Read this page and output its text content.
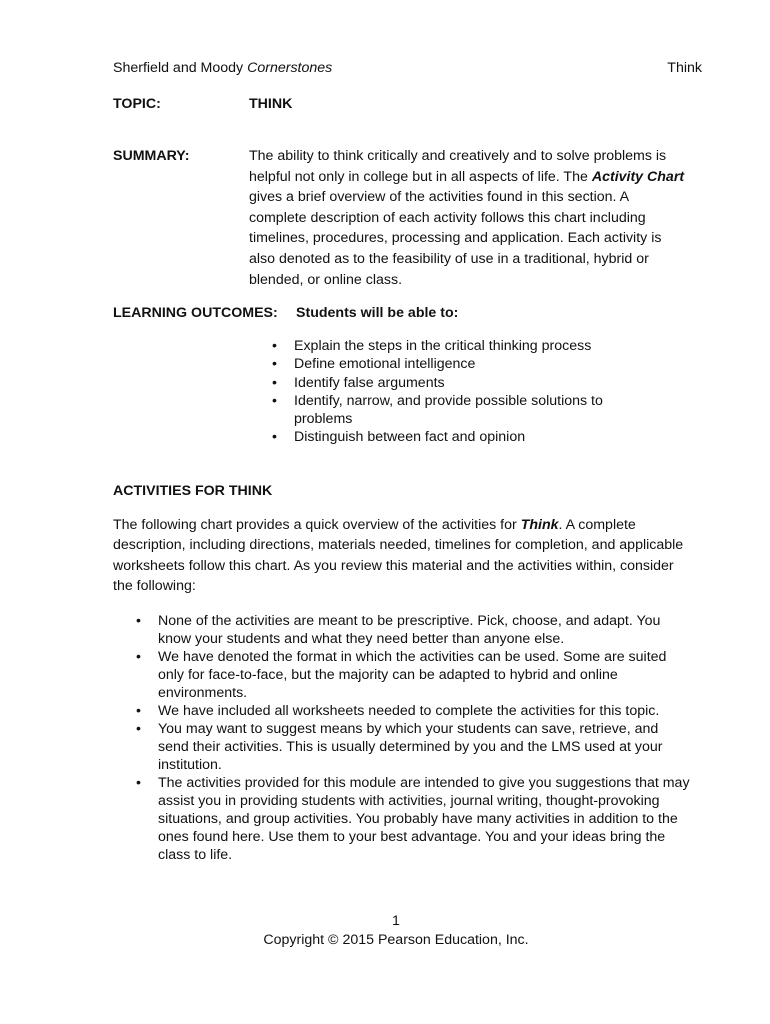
Sherfield and Moody Cornerstones	Think
TOPIC:	THINK
SUMMARY:	The ability to think critically and creatively and to solve problems is helpful not only in college but in all aspects of life. The Activity Chart gives a brief overview of the activities found in this section. A complete description of each activity follows this chart including timelines, procedures, processing and application. Each activity is also denoted as to the feasibility of use in a traditional, hybrid or blended, or online class.
LEARNING OUTCOMES: Students will be able to:
• Explain the steps in the critical thinking process
• Define emotional intelligence
• Identify false arguments
• Identify, narrow, and provide possible solutions to problems
• Distinguish between fact and opinion
ACTIVITIES FOR THINK
The following chart provides a quick overview of the activities for Think. A complete description, including directions, materials needed, timelines for completion, and applicable worksheets follow this chart. As you review this material and the activities within, consider the following:
• None of the activities are meant to be prescriptive. Pick, choose, and adapt. You know your students and what they need better than anyone else.
• We have denoted the format in which the activities can be used. Some are suited only for face-to-face, but the majority can be adapted to hybrid and online environments.
• We have included all worksheets needed to complete the activities for this topic.
• You may want to suggest means by which your students can save, retrieve, and send their activities. This is usually determined by you and the LMS used at your institution.
• The activities provided for this module are intended to give you suggestions that may assist you in providing students with activities, journal writing, thought-provoking situations, and group activities. You probably have many activities in addition to the ones found here. Use them to your best advantage. You and your ideas bring the class to life.
1
Copyright © 2015 Pearson Education, Inc.
